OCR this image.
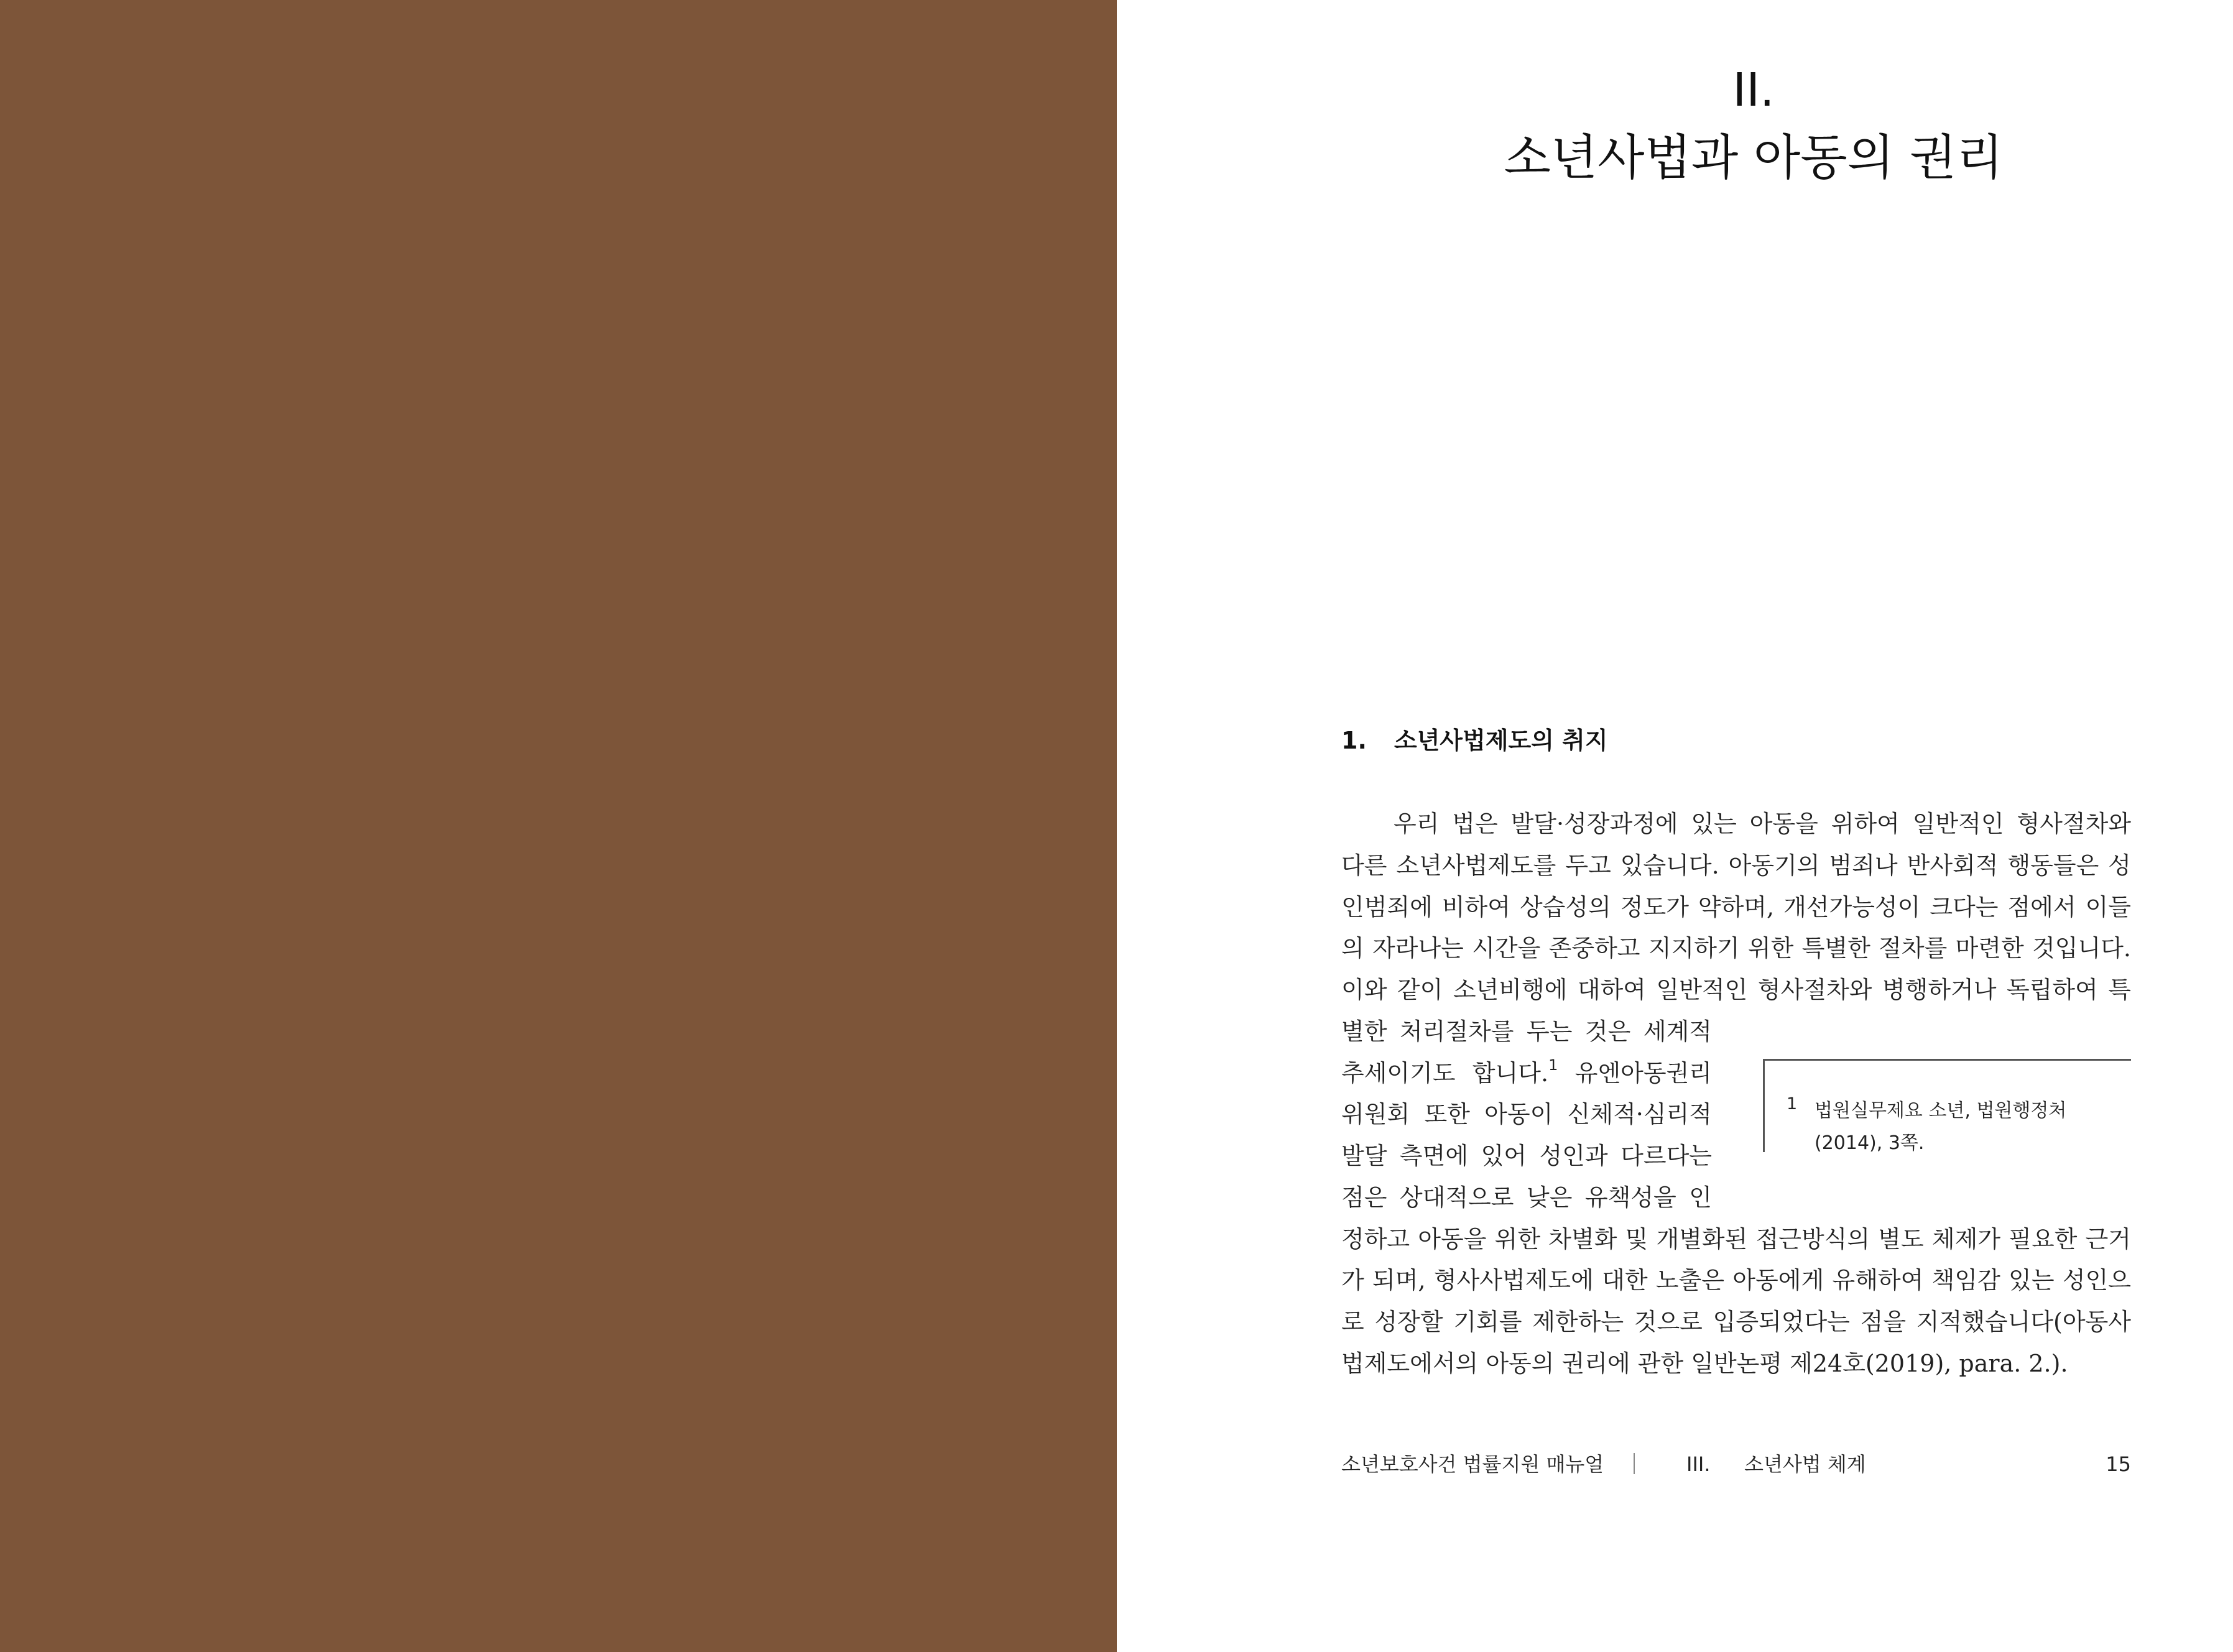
II.
소년사법과 아동의 권리
1. 소년사법제도의 취지
우리 법은 발달·성장과정에 있는 아동을 위하여 일반적인 형사절차와
다른 소년사법제도를 두고 있습니다. 아동기의 범죄나 반사회적 행동들은 성
인범죄에 비하여 상습성의 정도가 약하며, 개선가능성이 크다는 점에서 이들
의 자라나는 시간을 존중하고 지지하기 위한 특별한 절차를 마련한 것입니다.
이와 같이 소년비행에 대하여 일반적인 형사절차와 병행하거나 독립하여 특
별한 처리절차를 두는 것은 세계적
추세이기도 합니다.$^1$ 유엔아동권리
위원회 또한 아동이 신체적·심리적
발달 측면에 있어 성인과 다르다는
점은 상대적으로 낮은 유책성을 인
정하고 아동을 위한 차별화 및 개별화된 접근방식의 별도 체제가 필요한 근거
가 되며, 형사사법제도에 대한 노출은 아동에게 유해하여 책임감 있는 성인으
로 성장할 기회를 제한하는 것으로 입증되었다는 점을 지적했습니다(아동사
법제도에서의 아동의 권리에 관한 일반논평 제24호(2019), para. 2.).
1 법원실무제요 소년, 법원행정처
(2014), 3쪽.
소년보호사건 법률지원 매뉴얼	III. 소년사법 체계	15
